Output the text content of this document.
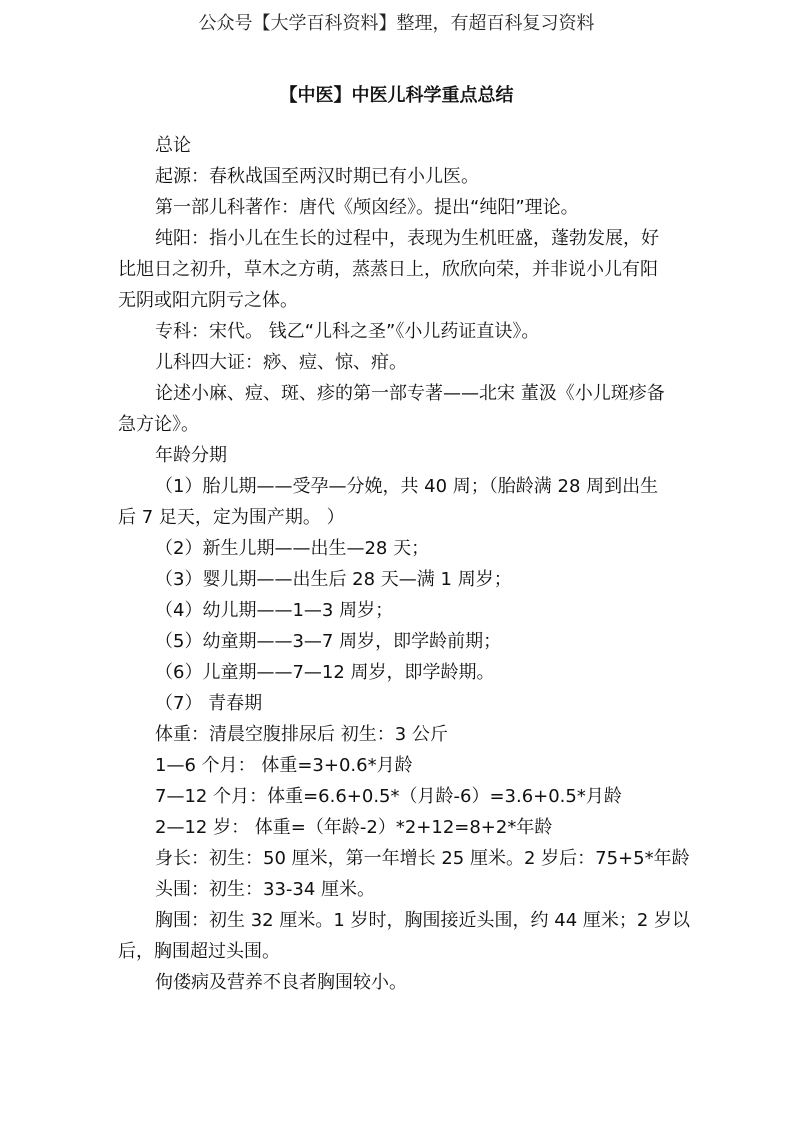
公众号【大学百科资料】整理，有超百科复习资料
【中医】中医儿科学重点总结
总论
起源：春秋战国至两汉时期已有小儿医。
第一部儿科著作：唐代《颅囟经》。提出“纯阳”理论。
纯阳：指小儿在生长的过程中，表现为生机旺盛，蓬勃发展，好
比旭日之初升，草木之方萌，蒸蒸日上，欣欣向荣，并非说小儿有阳
无阴或阳亢阴亏之体。
专科：宋代。 钱乙“儿科之圣”《小儿药证直诀》。
儿科四大证：痧、痘、惊、疳。
论述小麻、痘、斑、疹的第一部专著——北宋 董汲《小儿斑疹备
急方论》。
年龄分期
（1）胎儿期——受孕—分娩，共 40 周；（胎龄满 28 周到出生
后 7 足天，定为围产期。 ）
（2）新生儿期——出生—28 天；
（3）婴儿期——出生后 28 天—满 1 周岁；
（4）幼儿期——1—3 周岁；
（5）幼童期——3—7 周岁，即学龄前期；
（6）儿童期——7—12 周岁，即学龄期。
（7） 青春期
体重：清晨空腹排尿后 初生：3 公斤
1—6 个月： 体重=3+0.6*月龄
7—12 个月：体重=6.6+0.5*（月龄-6）=3.6+0.5*月龄
2—12 岁： 体重=（年龄-2）*2+12=8+2*年龄
身长：初生：50 厘米，第一年增长 25 厘米。2 岁后：75+5*年龄
头围：初生：33-34 厘米。
胸围：初生 32 厘米。1 岁时，胸围接近头围，约 44 厘米；2 岁以
后，胸围超过头围。
佝偻病及营养不良者胸围较小。
